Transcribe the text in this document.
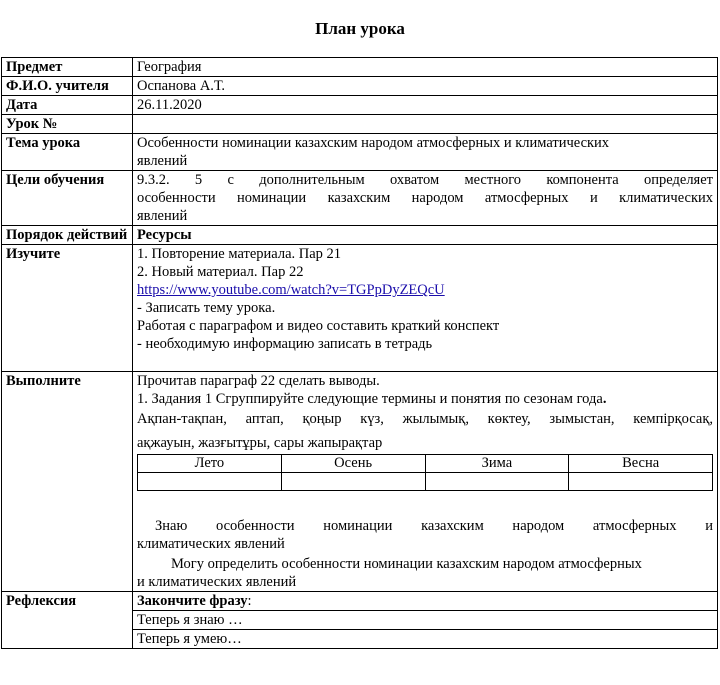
План урока
Предмет	География
Ф.И.О. учителя	Оспанова А.Т.
Дата	26.11.2020
Урок №	
Тема урока	Особенности номинации казахским народом атмосферных и климатических
явлений

Цели обучения	9.3.2. 5 с дополнительным охватом местного компонента определяет
особенности номинации казахским народом атмосферных и климатических
явлений

Порядок действий	Ресурсы
Изучите	1. Повторение материала. Пар 21
2. Новый материал. Пар 22
https://www.youtube.com/watch?v=TGPpDyZEQcU
- Записать тему урока.
Работая с параграфом и видео составить краткий конспект
- необходимую информацию записать в тетрадь

Выполните	Прочитав параграф 22 сделать выводы.
1. Задания 1 Сгруппируйте следующие термины и понятия по сезонам года.
Ақпан-тақпан, аптап, қоңыр күз, жылымық, көктеу, зымыстан, кемпірқосақ,
ақжауын, жазғытұры, сары жапырақтар
Лето	Осень	Зима	Весна

Знаю особенности номинации казахским народом атмосферных и
климатических явлений
Могу определить особенности номинации казахским народом атмосферных
и климатических явлений

Рефлексия	Закончите фразу:
Теперь я знаю …
Теперь я умею…
